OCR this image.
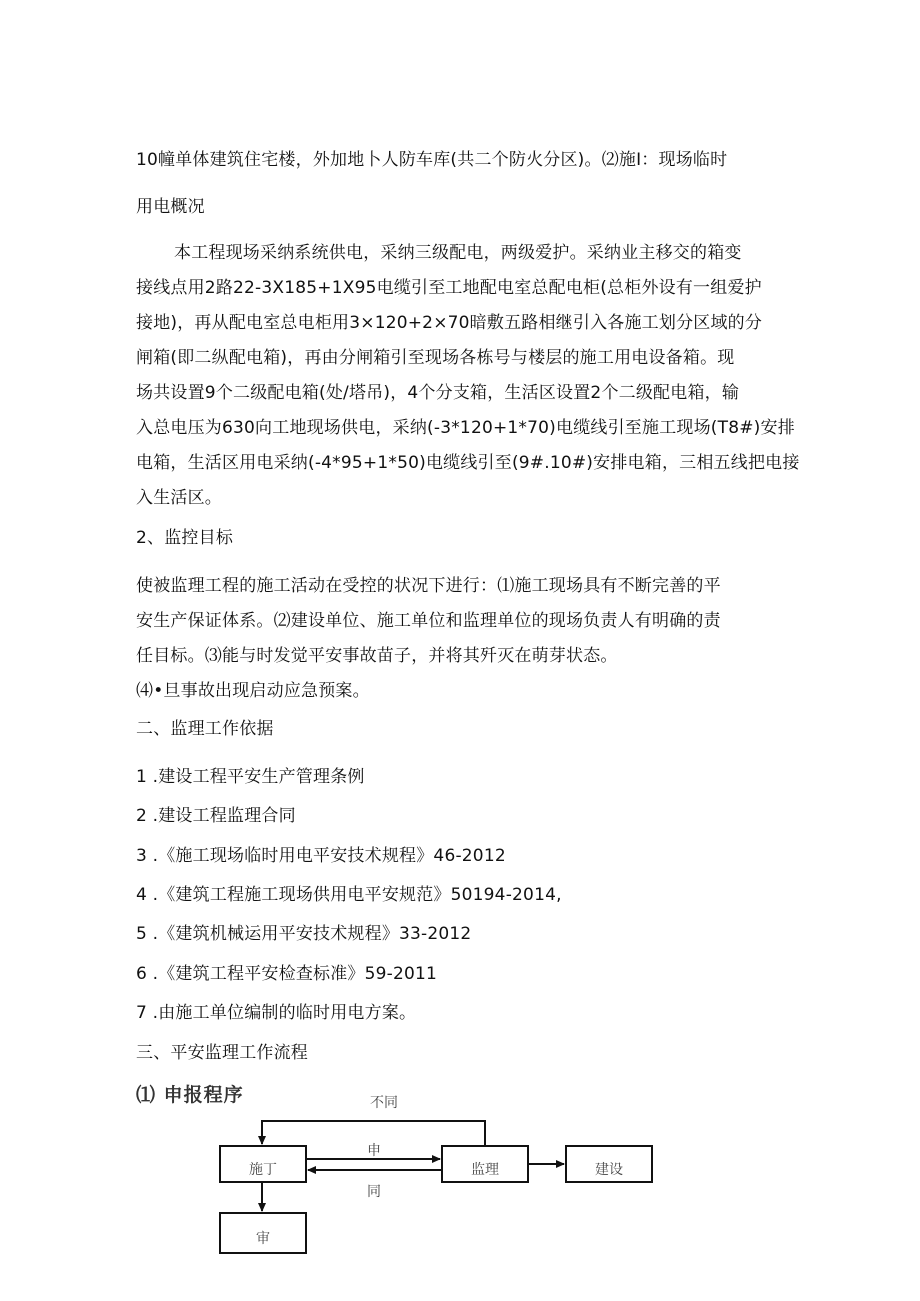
10幢单体建筑住宅楼，外加地卜人防车库(共二个防火分区)。⑵施I：现场临时
用电概况
本工程现场采纳系统供电，采纳三级配电，两级爱护。采纳业主移交的箱变
接线点用2路22-3X185+1X95电缆引至工地配电室总配电柜(总柜外设有一组爱护
接地)，再从配电室总电柜用3×120+2×70暗敷五路相继引入各施工划分区域的分
闸箱(即二纵配电箱)，再由分闸箱引至现场各栋号与楼层的施工用电设备箱。现
场共设置9个二级配电箱(处/塔吊)，4个分支箱，生活区设置2个二级配电箱，输
入总电压为630向工地现场供电，采纳(-3*120+1*70)电缆线引至施工现场(T8#)安排
电箱，生活区用电采纳(-4*95+1*50)电缆线引至(9#.10#)安排电箱，三相五线把电接
入生活区。
2、监控目标
使被监理工程的施工活动在受控的状况下进行：⑴施工现场具有不断完善的平
安生产保证体系。⑵建设单位、施工单位和监理单位的现场负责人有明确的责
任目标。⑶能与时发觉平安事故苗子，并将其歼灭在萌芽状态。
⑷•旦事故出现启动应急预案。
二、监理工作依据
1 .建设工程平安生产管理条例
2 .建设工程监理合同
3 .《施工现场临时用电平安技术规程》46-2012
4 .《建筑工程施工现场供用电平安规范》50194-2014,
5 .《建筑机械运用平安技术规程》33-2012
6 .《建筑工程平安检查标准》59-2011
7 .由施工单位编制的临时用电方案。
三、平安监理工作流程
⑴ 申报程序	不同
施丁	监理	建设
审
申
同
